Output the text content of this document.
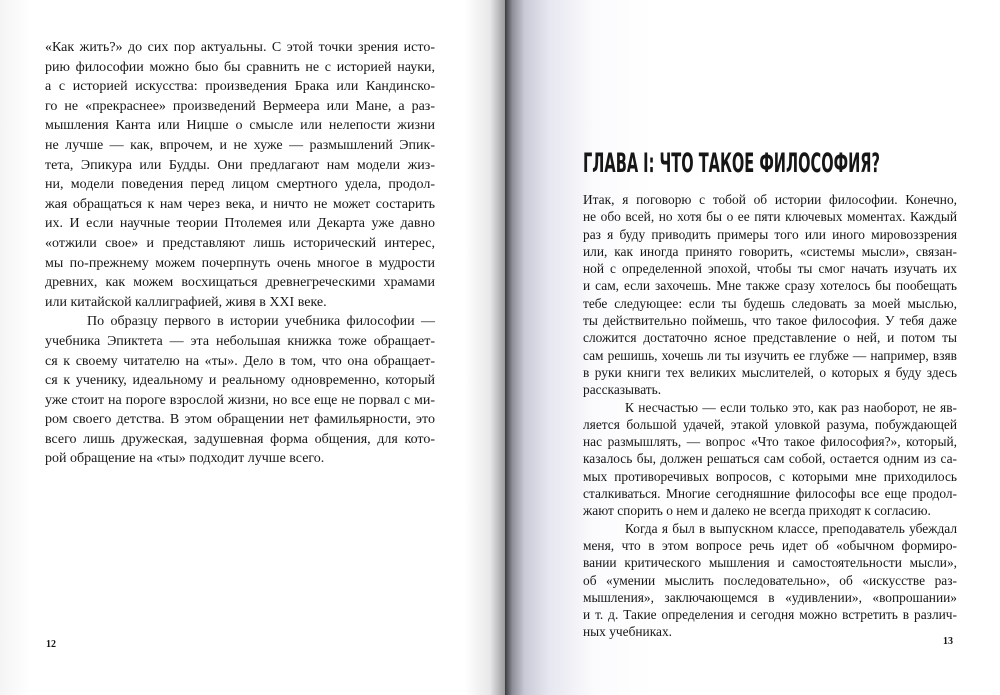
«Как жить?» до сих пор актуальны. С этой точки зрения исто-
рию философии можно быо бы сравнить не с историей науки,
а с историей искусства: произведения Брака или Кандинско-
го не «прекраснее» произведений Вермеера или Мане, а раз-
мышления Канта или Ницше о смысле или нелепости жизни
не лучше — как, впрочем, и не хуже — размышлений Эпик-
тета, Эпикура или Будды. Они предлагают нам модели жиз-
ни, модели поведения перед лицом смертного удела, продол-
жая обращаться к нам через века, и ничто не может состарить
их. И если научные теории Птолемея или Декарта уже давно
«отжили свое» и представляют лишь исторический интерес,
мы по-прежнему можем почерпнуть очень многое в мудрости
древних, как можем восхищаться древнегреческими храмами
или китайской каллиграфией, живя в XXI веке.
По образцу первого в истории учебника философии —
учебника Эпиктета — эта небольшая книжка тоже обращает-
ся к своему читателю на «ты». Дело в том, что она обращает-
ся к ученику, идеальному и реальному одновременно, который
уже стоит на пороге взрослой жизни, но все еще не порвал с ми-
ром своего детства. В этом обращении нет фамильярности, это
всего лишь дружеская, задушевная форма общения, для кото-
рой обращение на «ты» подходит лучше всего.
12
ГЛАВА I: ЧТО ТАКОЕ ФИЛОСОФИЯ?
Итак, я поговорю с тобой об истории философии. Конечно,
не обо всей, но хотя бы о ее пяти ключевых моментах. Каждый
раз я буду приводить примеры того или иного мировоззрения
или, как иногда принято говорить, «системы мысли», связан-
ной с определенной эпохой, чтобы ты смог начать изучать их
и сам, если захочешь. Мне также сразу хотелось бы пообещать
тебе следующее: если ты будешь следовать за моей мыслью,
ты действительно поймешь, что такое философия. У тебя даже
сложится достаточно ясное представление о ней, и потом ты
сам решишь, хочешь ли ты изучить ее глубже — например, взяв
в руки книги тех великих мыслителей, о которых я буду здесь
рассказывать.
К несчастью — если только это, как раз наоборот, не яв-
ляется большой удачей, этакой уловкой разума, побуждающей
нас размышлять, — вопрос «Что такое философия?», который,
казалось бы, должен решаться сам собой, остается одним из са-
мых противоречивых вопросов, с которыми мне приходилось
сталкиваться. Многие сегодняшние философы все еще продол-
жают спорить о нем и далеко не всегда приходят к согласию.
Когда я был в выпускном классе, преподаватель убеждал
меня, что в этом вопросе речь идет об «обычном формиро-
вании критического мышления и самостоятельности мысли»,
об «умении мыслить последовательно», об «искусстве раз-
мышления», заключающемся в «удивлении», «вопрошании»
и т. д. Такие определения и сегодня можно встретить в различ-
ных учебниках.
13
